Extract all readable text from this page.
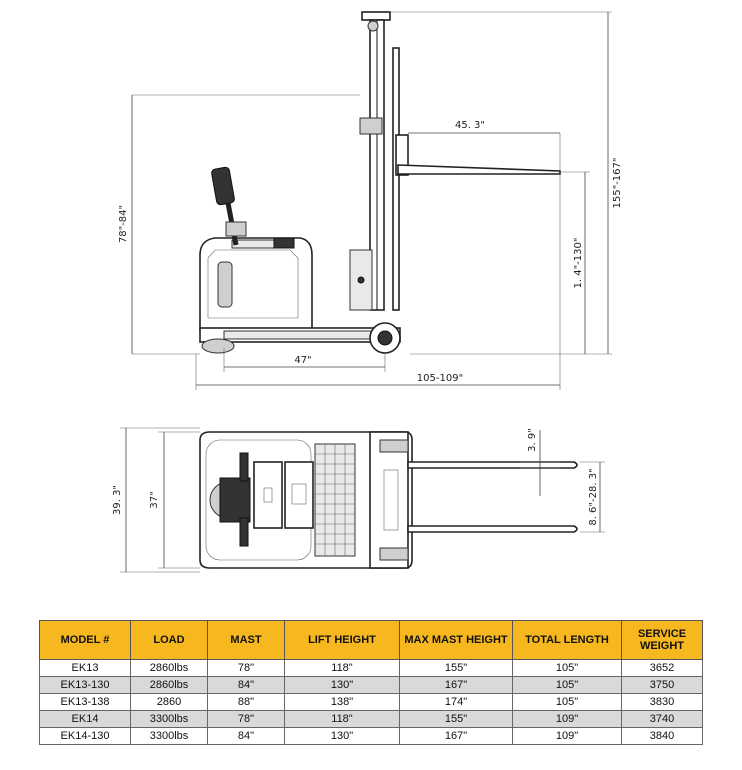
78"-84"
45. 3"
155"-167"
1. 4"-130"
47"
105-109"
39. 3"	37"
3. 9"
8. 6"-28. 3"
MODEL #	LOAD	MAST	LIFT HEIGHT	MAX MAST HEIGHT	TOTAL LENGTH	SERVICE WEIGHT
EK13	2860lbs	78"	118"	155"	105"	3652
EK13-130	2860lbs	84"	130"	167"	105"	3750
EK13-138	2860	88"	138"	174"	105"	3830
EK14	3300lbs	78"	118"	155"	109"	3740
EK14-130	3300lbs	84"	130"	167"	109"	3840
